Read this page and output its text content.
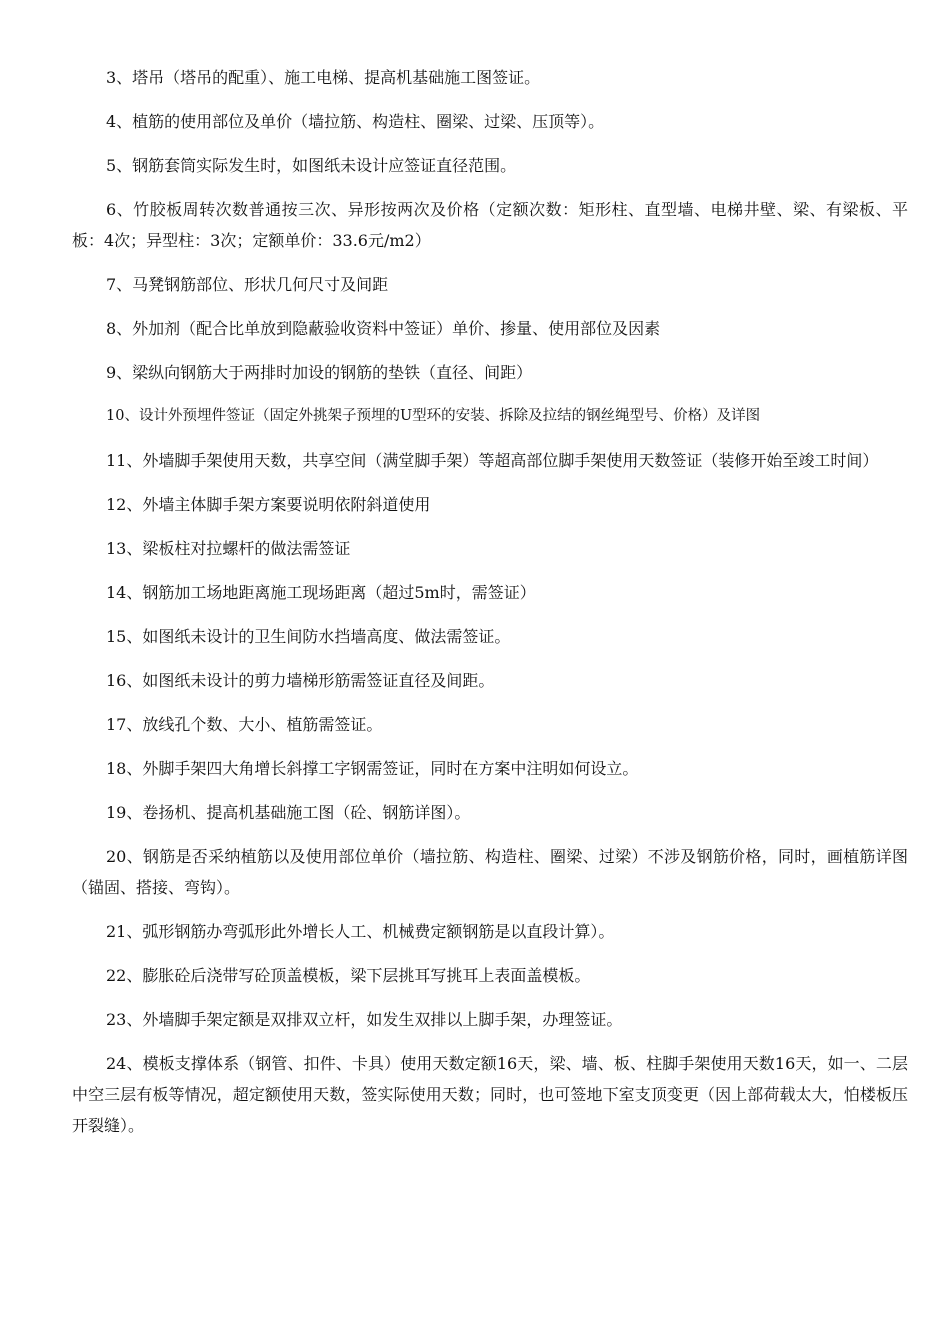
3、塔吊（塔吊的配重）、施工电梯、提高机基础施工图签证。

4、植筋的使用部位及单价（墙拉筋、构造柱、圈梁、过梁、压顶等）。

5、钢筋套筒实际发生时，如图纸未设计应签证直径范围。

6、竹胶板周转次数普通按三次、异形按两次及价格（定额次数：矩形柱、直型墙、电梯井壁、梁、有梁板、平板：4次；异型柱：3次；定额单价：33.6元/m2）

7、马凳钢筋部位、形状几何尺寸及间距

8、外加剂（配合比单放到隐蔽验收资料中签证）单价、掺量、使用部位及因素

9、梁纵向钢筋大于两排时加设的钢筋的垫铁（直径、间距）

10、设计外预埋件签证（固定外挑架子预埋的U型环的安装、拆除及拉结的钢丝绳型号、价格）及详图

11、外墙脚手架使用天数，共享空间（满堂脚手架）等超高部位脚手架使用天数签证（装修开始至竣工时间）

12、外墙主体脚手架方案要说明依附斜道使用

13、梁板柱对拉螺杆的做法需签证

14、钢筋加工场地距离施工现场距离（超过5m时，需签证）

15、如图纸未设计的卫生间防水挡墙高度、做法需签证。

16、如图纸未设计的剪力墙梯形筋需签证直径及间距。

17、放线孔个数、大小、植筋需签证。

18、外脚手架四大角增长斜撑工字钢需签证，同时在方案中注明如何设立。

19、卷扬机、提高机基础施工图（砼、钢筋详图）。

20、钢筋是否采纳植筋以及使用部位单价（墙拉筋、构造柱、圈梁、过梁）不涉及钢筋价格，同时，画植筋详图（锚固、搭接、弯钩）。

21、弧形钢筋办弯弧形此外增长人工、机械费定额钢筋是以直段计算）。

22、膨胀砼后浇带写砼顶盖模板，梁下层挑耳写挑耳上表面盖模板。

23、外墙脚手架定额是双排双立杆，如发生双排以上脚手架，办理签证。

24、模板支撑体系（钢管、扣件、卡具）使用天数定额16天，梁、墙、板、柱脚手架使用天数16天，如一、二层中空三层有板等情况，超定额使用天数，签实际使用天数；同时，也可签地下室支顶变更（因上部荷载太大，怕楼板压开裂缝）。
